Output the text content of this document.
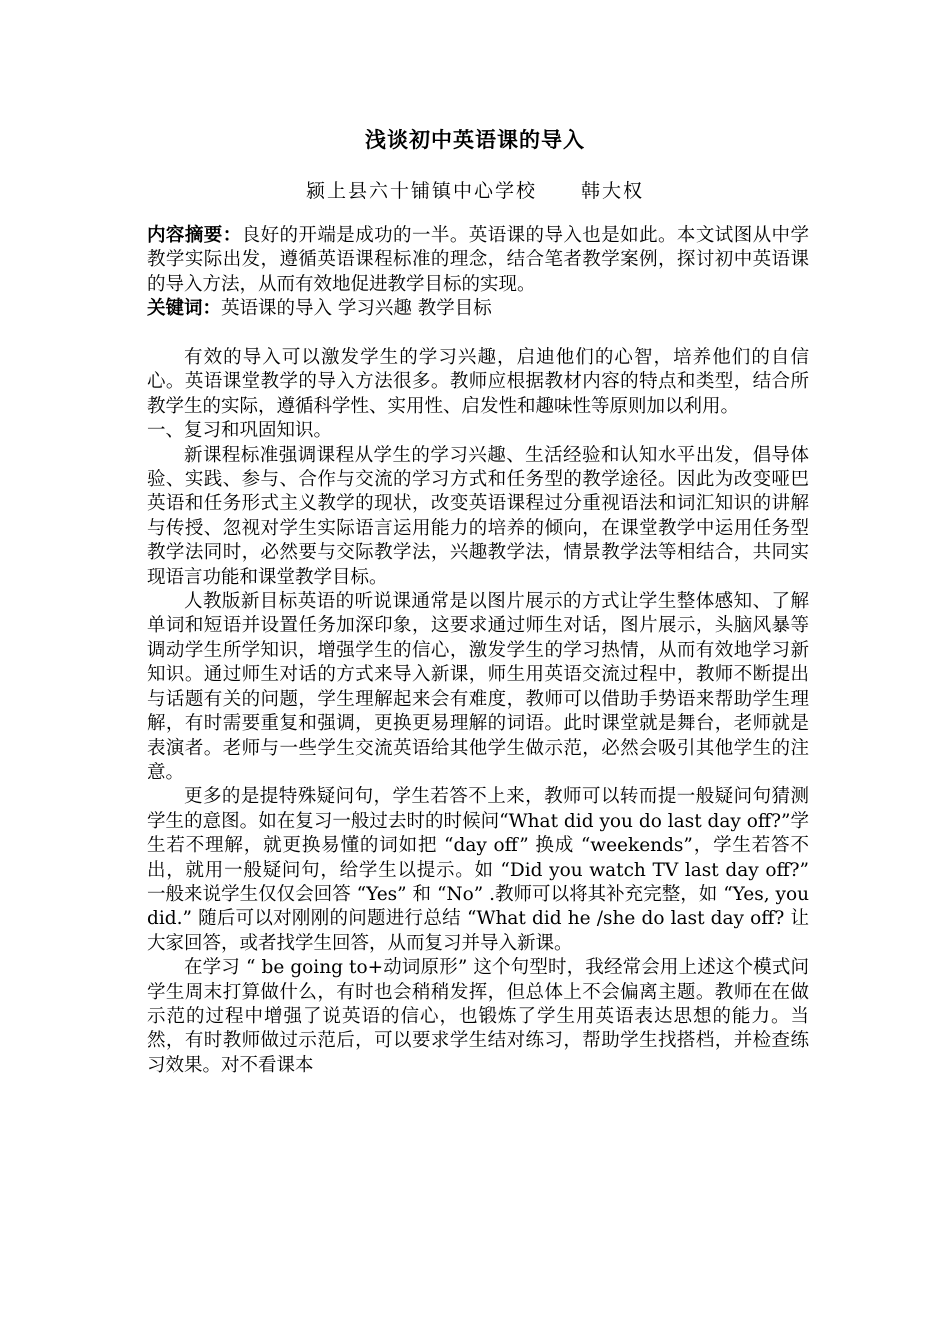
浅谈初中英语课的导入
颍上县六十铺镇中心学校 韩大权

内容摘要：良好的开端是成功的一半。英语课的导入也是如此。本文试图从中学教学实际出发，遵循英语课程标准的理念，结合笔者教学案例，探讨初中英语课的导入方法，从而有效地促进教学目标的实现。

关键词：英语课的导入 学习兴趣 教学目标

有效的导入可以激发学生的学习兴趣，启迪他们的心智，培养他们的自信心。英语课堂教学的导入方法很多。教师应根据教材内容的特点和类型，结合所教学生的实际，遵循科学性、实用性、启发性和趣味性等原则加以利用。

一、复习和巩固知识。

新课程标准强调课程从学生的学习兴趣、生活经验和认知水平出发，倡导体验、实践、参与、合作与交流的学习方式和任务型的教学途径。因此为改变哑巴英语和任务形式主义教学的现状，改变英语课程过分重视语法和词汇知识的讲解与传授、忽视对学生实际语言运用能力的培养的倾向，在课堂教学中运用任务型教学法同时，必然要与交际教学法，兴趣教学法，情景教学法等相结合，共同实现语言功能和课堂教学目标。

人教版新目标英语的听说课通常是以图片展示的方式让学生整体感知、了解单词和短语并设置任务加深印象，这要求通过师生对话，图片展示，头脑风暴等调动学生所学知识，增强学生的信心，激发学生的学习热情，从而有效地学习新知识。通过师生对话的方式来导入新课，师生用英语交流过程中，教师不断提出与话题有关的问题，学生理解起来会有难度，教师可以借助手势语来帮助学生理解，有时需要重复和强调，更换更易理解的词语。此时课堂就是舞台，老师就是表演者。老师与一些学生交流英语给其他学生做示范，必然会吸引其他学生的注意。

更多的是提特殊疑问句，学生若答不上来，教师可以转而提一般疑问句猜测学生的意图。如在复习一般过去时的时候问“What did you do last day off?”学生若不理解，就更换易懂的词如把 “day off” 换成 “weekends”，学生若答不出，就用一般疑问句，给学生以提示。如 “Did you watch TV last day off?” 一般来说学生仅仅会回答 “Yes” 和 “No” .教师可以将其补充完整，如 “Yes, you did.” 随后可以对刚刚的问题进行总结 “What did he /she do last day off? 让大家回答，或者找学生回答，从而复习并导入新课。

在学习 “ be going to+动词原形” 这个句型时，我经常会用上述这个模式问学生周末打算做什么，有时也会稍稍发挥，但总体上不会偏离主题。教师在在做示范的过程中增强了说英语的信心，也锻炼了学生用英语表达思想的能力。当然，有时教师做过示范后，可以要求学生结对练习，帮助学生找搭档，并检查练习效果。对不看课本
